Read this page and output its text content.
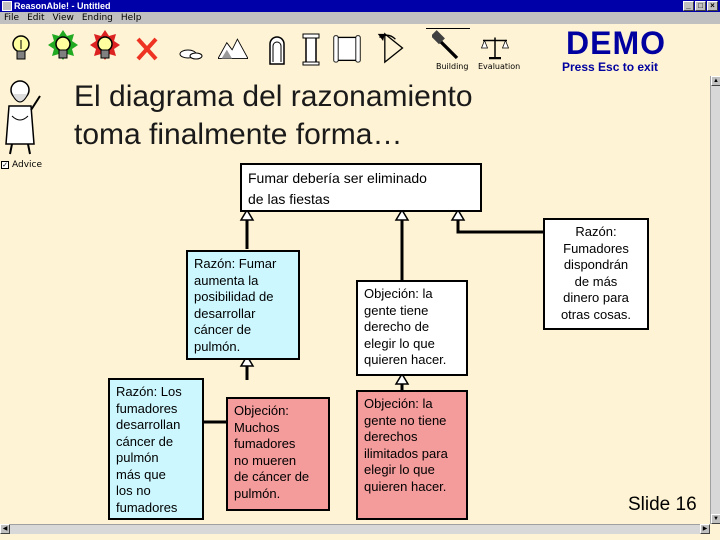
ReasonAble! - Untitled	_ □ ×
File Edit View Ending Help
Building Evaluation
DEMO
Press Esc to exit
✓ Advice
El diagrama del razonamiento
toma finalmente forma…
Fumar debería ser eliminado
de las fiestas
Razón: Fumar
aumenta la
posibilidad de
desarrollar
cáncer de
pulmón.
Razón: Los
fumadores
desarrollan
cáncer de
pulmón
más que
los no
fumadores
Objeción:
Muchos
fumadores
no mueren
de cáncer de
pulmón.
Objeción: la
gente tiene
derecho de
elegir lo que
quieren hacer.
Objeción: la
gente no tiene
derechos
ilimitados para
elegir lo que
quieren hacer.
Razón:
Fumadores
dispondrán
de más
dinero para
otras cosas.
Slide 16
▲
▼
◀	▶
